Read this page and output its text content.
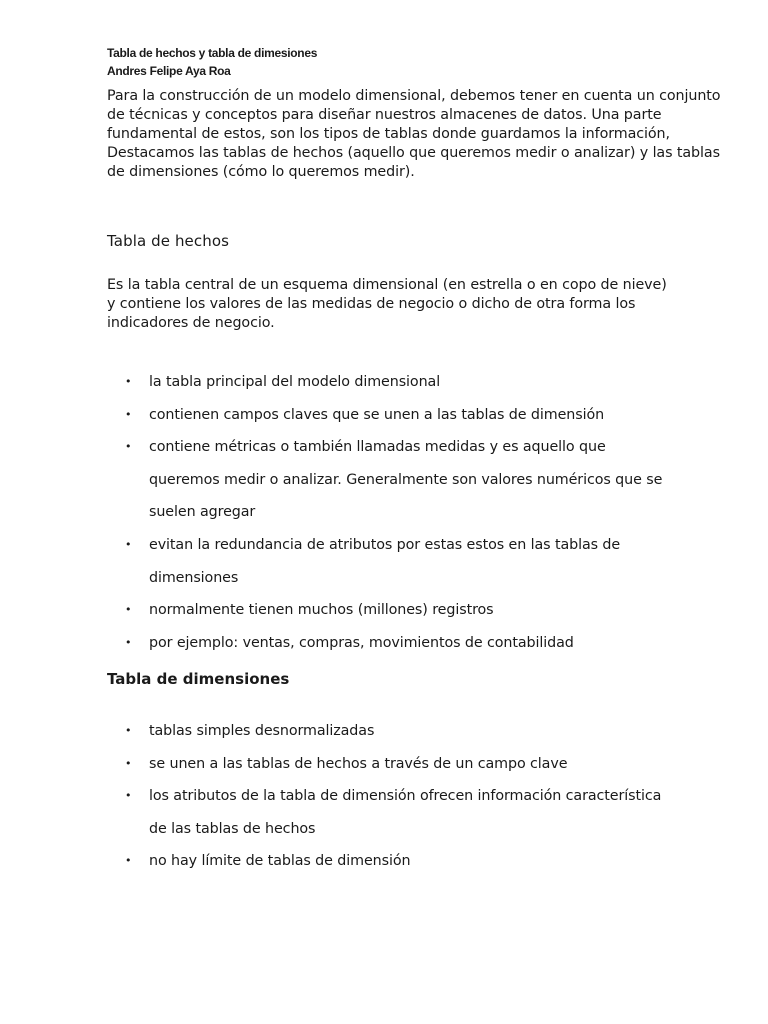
Tabla de hechos y tabla de dimesiones
Andres Felipe Aya Roa
Para la construcción de un modelo dimensional, debemos tener en cuenta un conjunto de técnicas y conceptos para diseñar nuestros almacenes de datos. Una parte fundamental de estos, son los tipos de tablas donde guardamos la información, Destacamos las tablas de hechos (aquello que queremos medir o analizar) y las tablas de dimensiones (cómo lo queremos medir).
Tabla de hechos
Es la tabla central de un esquema dimensional (en estrella o en copo de nieve) y contiene los valores de las medidas de negocio o dicho de otra forma los indicadores de negocio.
• la tabla principal del modelo dimensional
• contienen campos claves que se unen a las tablas de dimensión
• contiene métricas o también llamadas medidas y es aquello que queremos medir o analizar. Generalmente son valores numéricos que se suelen agregar
• evitan la redundancia de atributos por estas estos en las tablas de dimensiones
• normalmente tienen muchos (millones) registros
• por ejemplo: ventas, compras, movimientos de contabilidad
Tabla de dimensiones
• tablas simples desnormalizadas
• se unen a las tablas de hechos a través de un campo clave
• los atributos de la tabla de dimensión ofrecen información característica de las tablas de hechos
• no hay límite de tablas de dimensión
